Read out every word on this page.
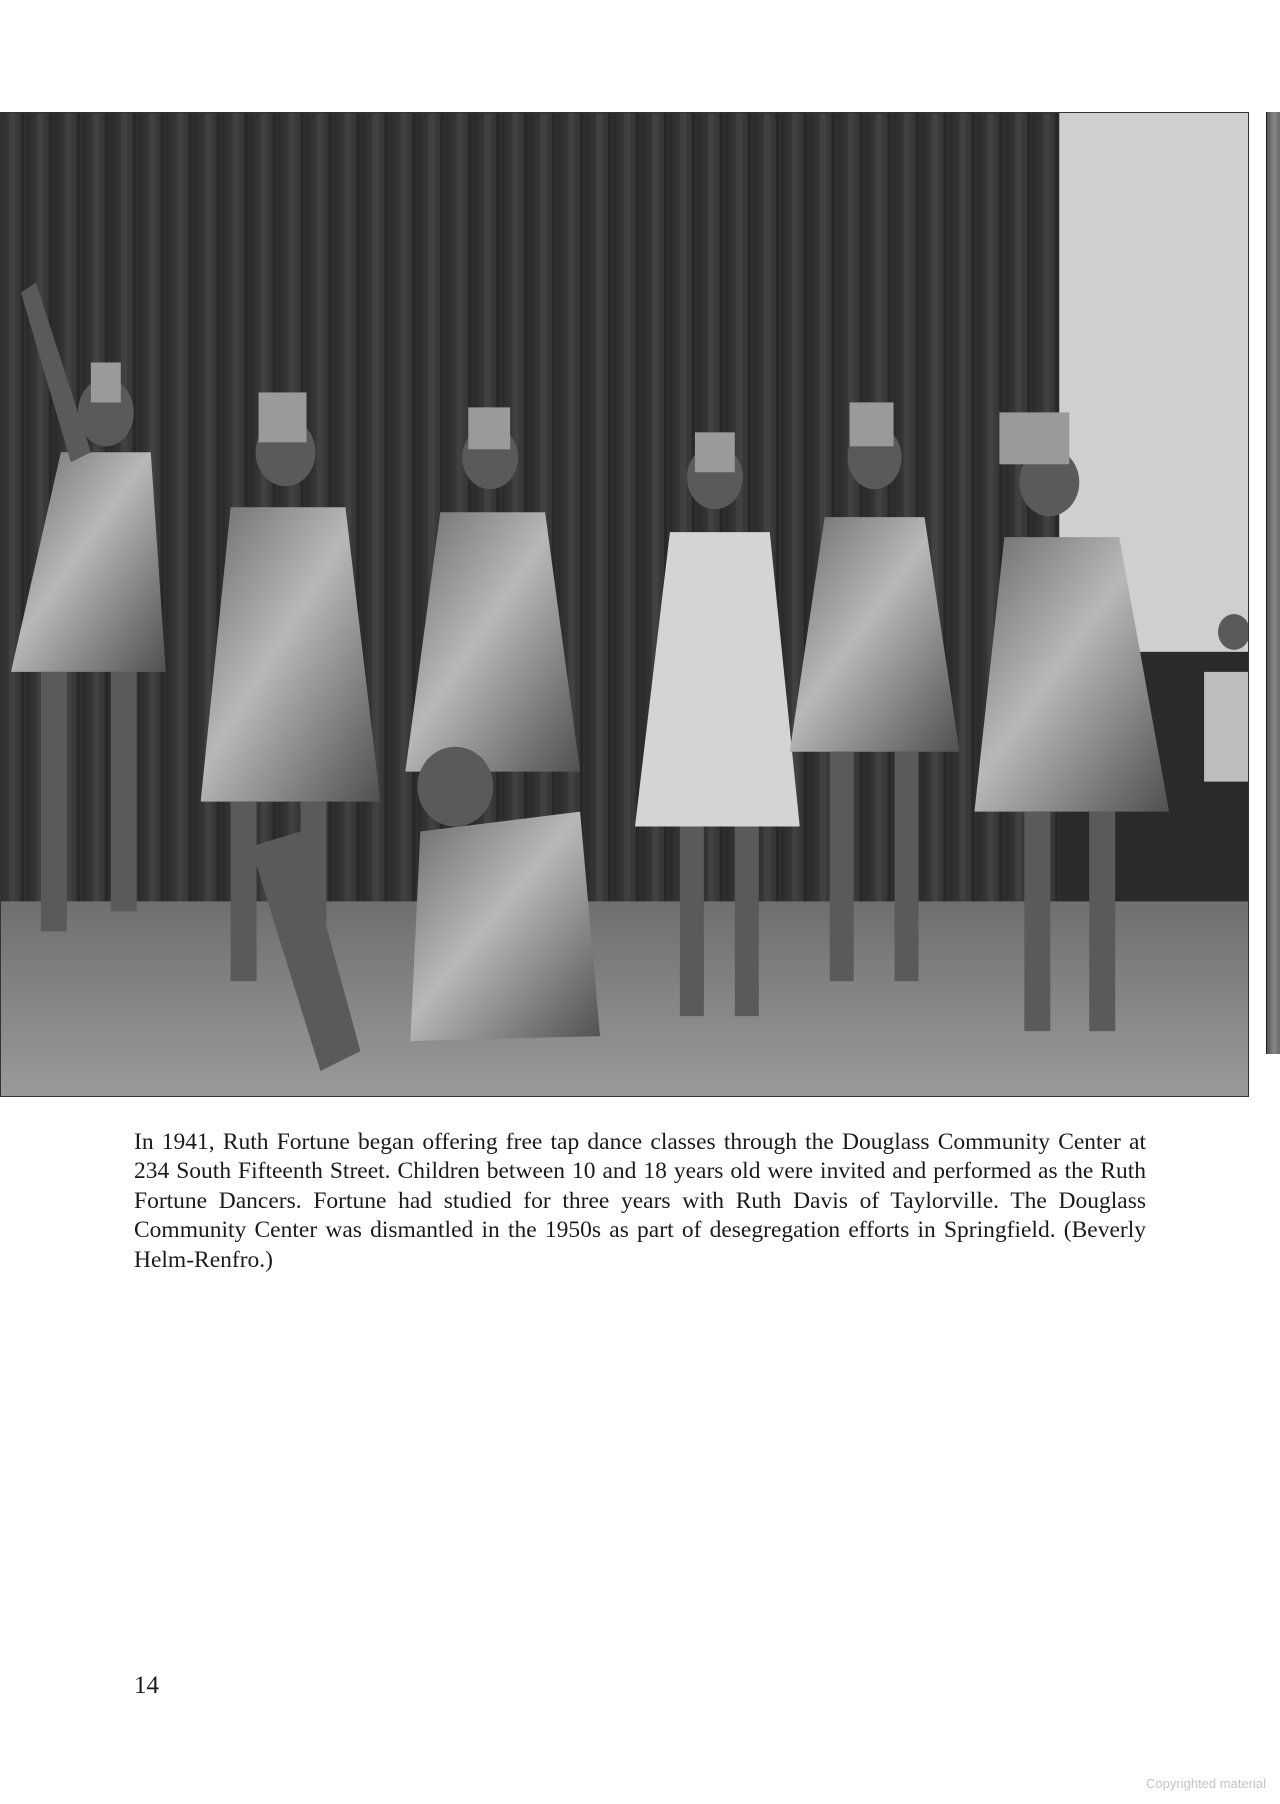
In 1941, Ruth Fortune began offering free tap dance classes through the Douglass Community Center at 234 South Fifteenth Street. Children between 10 and 18 years old were invited and performed as the Ruth Fortune Dancers. Fortune had studied for three years with Ruth Davis of Taylorville. The Douglass Community Center was dismantled in the 1950s as part of desegregation efforts in Springfield. (Beverly Helm-Renfro.)

14
Copyrighted material
